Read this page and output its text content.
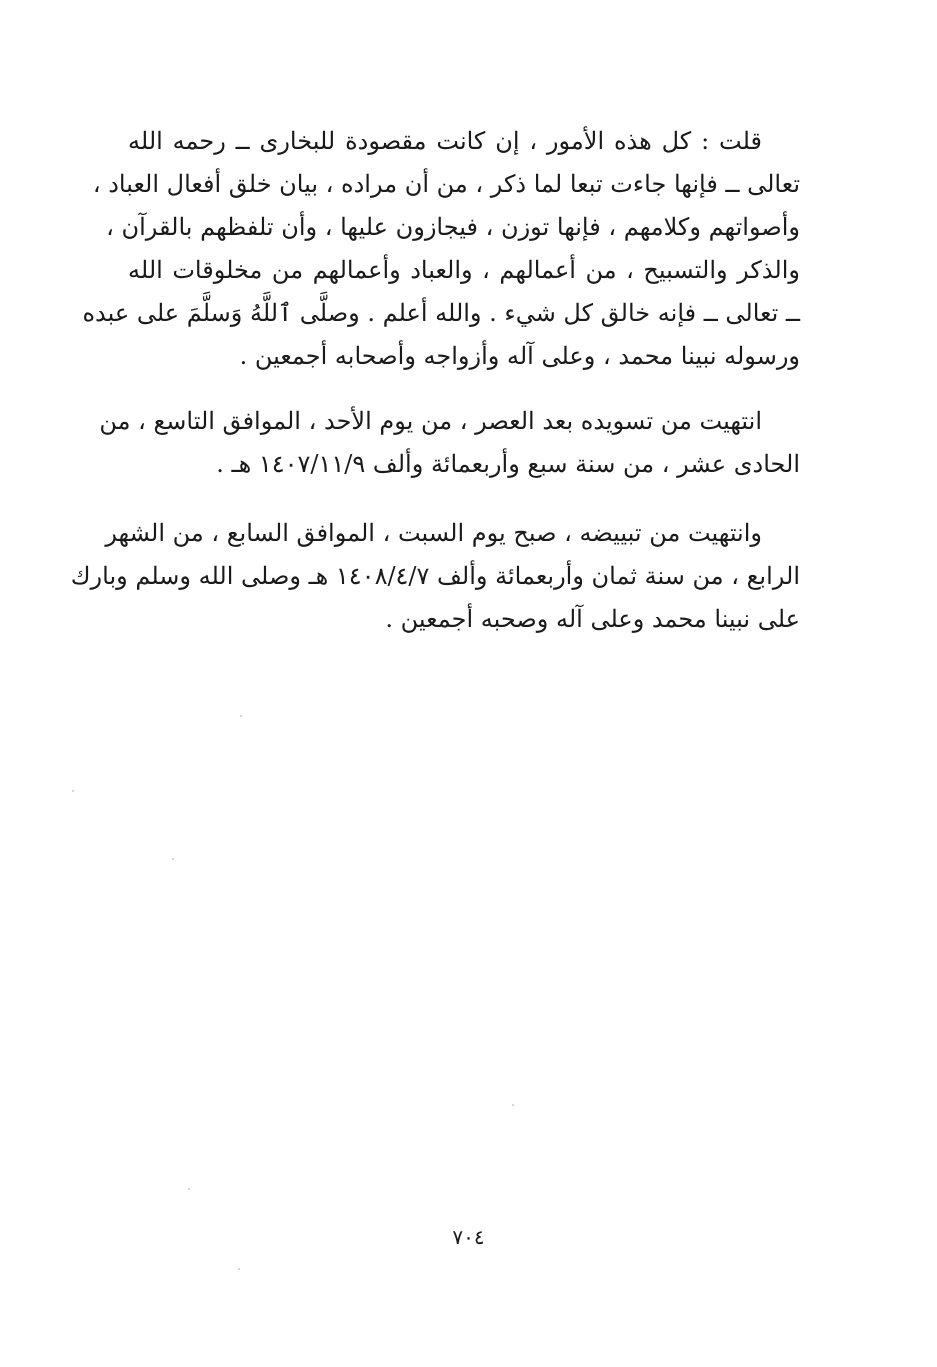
قلت : كل هذه الأمور ، إن كانت مقصودة للبخارى ــ رحمه الله
تعالى ــ فإنها جاءت تبعا لما ذكر ، من أن مراده ، بيان خلق أفعال العباد ،
وأصواتهم وكلامهم ، فإنها توزن ، فيجازون عليها ، وأن تلفظهم بالقرآن ،
والذكر والتسبيح ، من أعمالهم ، والعباد وأعمالهم من مخلوقات الله
ــ تعالى ــ فإنه خالق كل شيء . والله أعلم . وصلَّى ٱللَّهُ وَسلَّمَ على عبده
ورسوله نبينا محمد ، وعلى آله وأزواجه وأصحابه أجمعين .
انتهيت من تسويده بعد العصر ، من يوم الأحد ، الموافق التاسع ، من
الحادى عشر ، من سنة سبع وأربعمائة وألف ١٤٠٧/١١/٩ هـ .
وانتهيت من تبييضه ، صبح يوم السبت ، الموافق السابع ، من الشهر
الرابع ، من سنة ثمان وأربعمائة وألف ١٤٠٨/٤/٧ هـ وصلى الله وسلم وبارك
على نبينا محمد وعلى آله وصحبه أجمعين .
٧٠٤
